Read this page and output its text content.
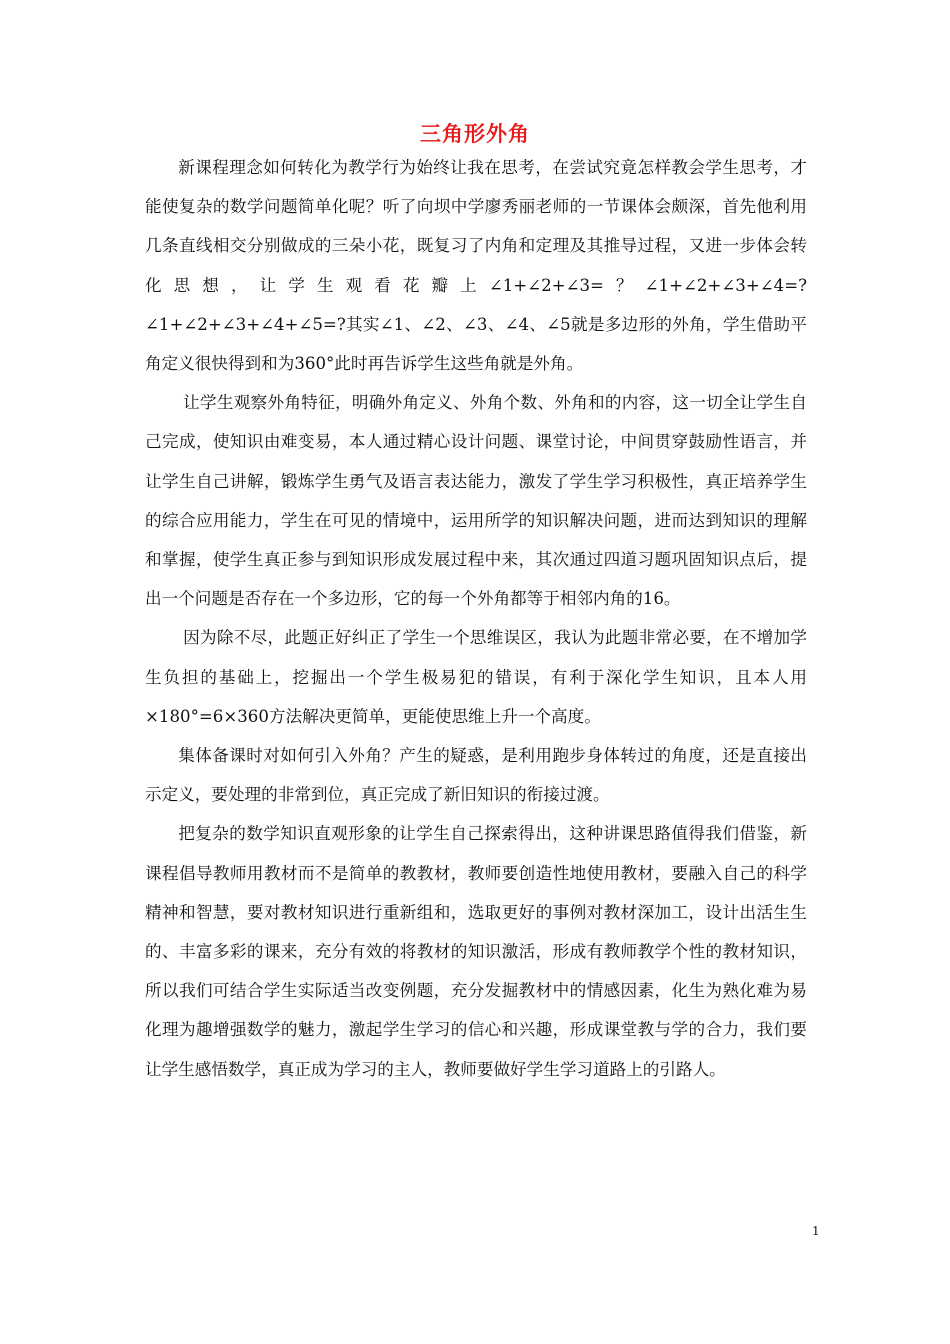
三角形外角

新课程理念如何转化为教学行为始终让我在思考，在尝试究竟怎样教会学生思考，才能使复杂的数学问题简单化呢？听了向坝中学廖秀丽老师的一节课体会颇深，首先他利用几条直线相交分别做成的三朵小花，既复习了内角和定理及其推导过程，又进一步体会转化思想，让学生观看花瓣上∠1+∠2+∠3=？∠1+∠2+∠3+∠4=?∠1+∠2+∠3+∠4+∠5=?其实∠1、∠2、∠3、∠4、∠5就是多边形的外角，学生借助平角定义很快得到和为360°此时再告诉学生这些角就是外角。

让学生观察外角特征，明确外角定义、外角个数、外角和的内容，这一切全让学生自己完成，使知识由难变易，本人通过精心设计问题、课堂讨论，中间贯穿鼓励性语言，并让学生自己讲解，锻炼学生勇气及语言表达能力，激发了学生学习积极性，真正培养学生的综合应用能力，学生在可见的情境中，运用所学的知识解决问题，进而达到知识的理解和掌握，使学生真正参与到知识形成发展过程中来，其次通过四道习题巩固知识点后，提出一个问题是否存在一个多边形，它的每一个外角都等于相邻内角的16。

因为除不尽，此题正好纠正了学生一个思维误区，我认为此题非常必要，在不增加学生负担的基础上，挖掘出一个学生极易犯的错误，有利于深化学生知识，且本人用×180°=6×360方法解决更简单，更能使思维上升一个高度。

集体备课时对如何引入外角？产生的疑惑，是利用跑步身体转过的角度，还是直接出示定义，要处理的非常到位，真正完成了新旧知识的衔接过渡。

把复杂的数学知识直观形象的让学生自己探索得出，这种讲课思路值得我们借鉴，新课程倡导教师用教材而不是简单的教教材，教师要创造性地使用教材，要融入自己的科学精神和智慧，要对教材知识进行重新组和，选取更好的事例对教材深加工，设计出活生生的、丰富多彩的课来，充分有效的将教材的知识激活，形成有教师教学个性的教材知识，所以我们可结合学生实际适当改变例题，充分发掘教材中的情感因素，化生为熟化难为易化理为趣增强数学的魅力，激起学生学习的信心和兴趣，形成课堂教与学的合力，我们要让学生感悟数学，真正成为学习的主人，教师要做好学生学习道路上的引路人。

1
